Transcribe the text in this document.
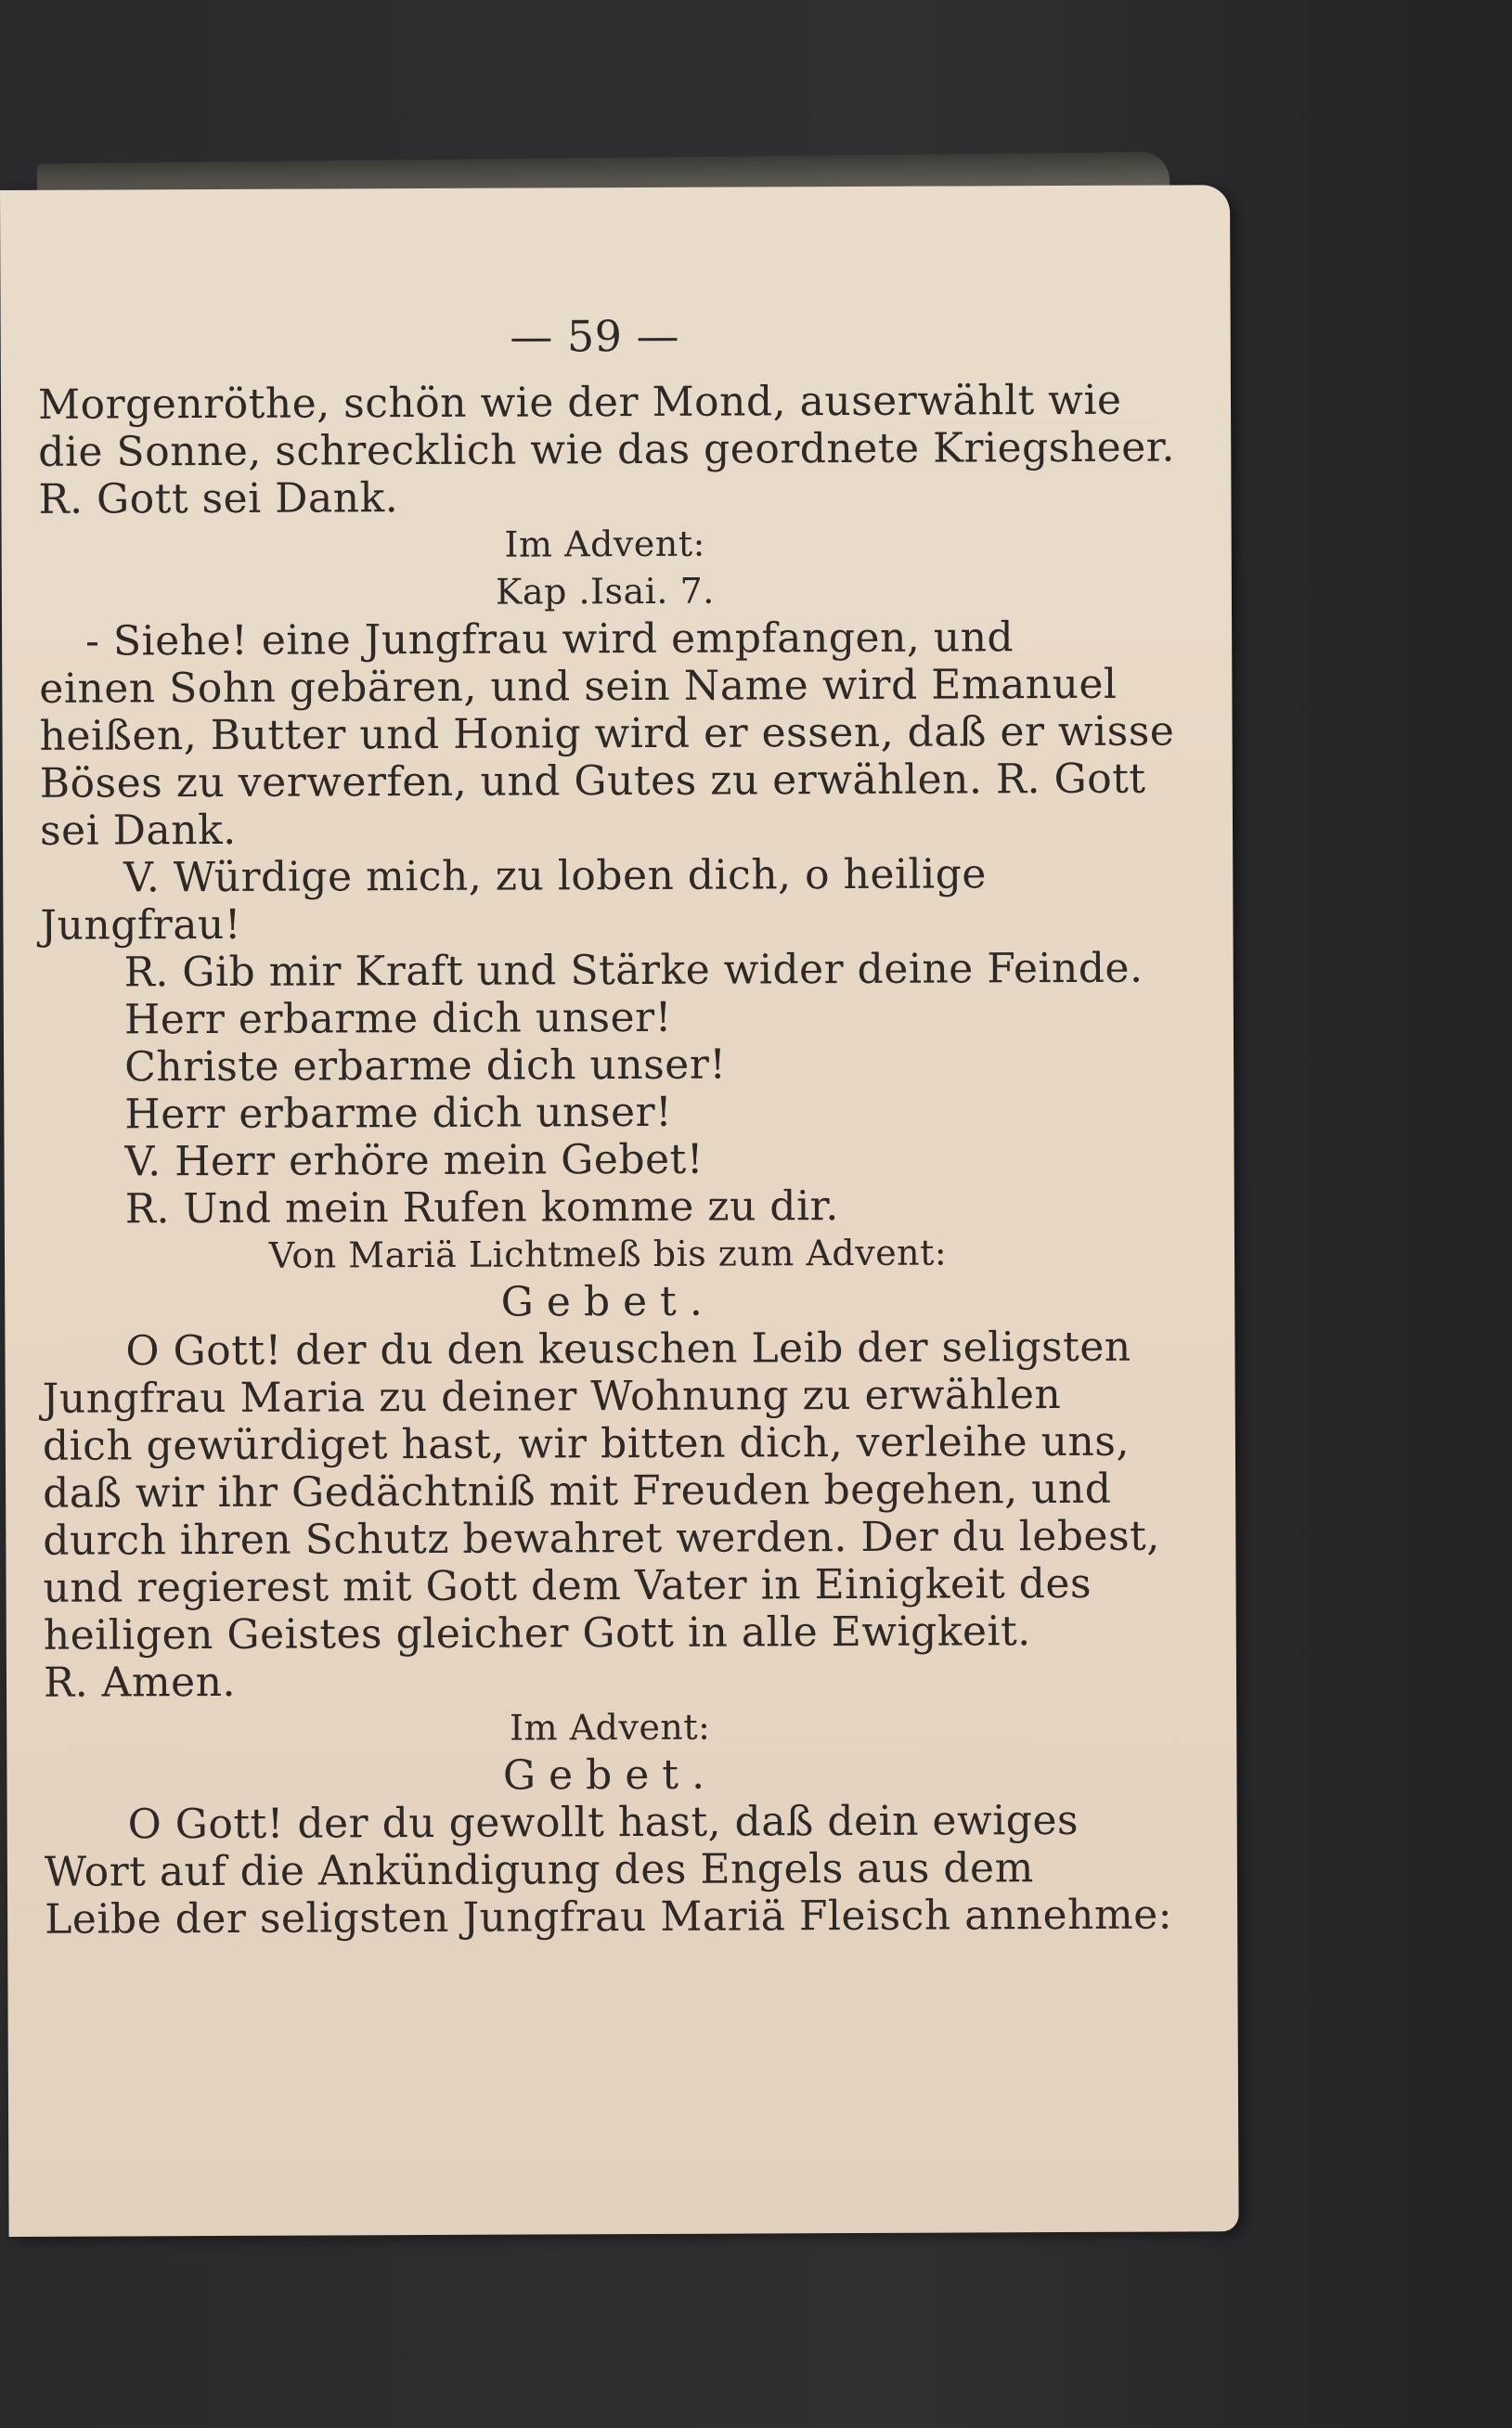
— 59 —
Morgenröthe, schön wie der Mond, auserwählt wie
die Sonne, schrecklich wie das geordnete Kriegsheer.
R. Gott sei Dank.
Im Advent:
Kap .Isai. 7.
- Siehe! eine Jungfrau wird empfangen, und
einen Sohn gebären, und sein Name wird Emanuel
heißen, Butter und Honig wird er essen, daß er wisse
Böses zu verwerfen, und Gutes zu erwählen. R. Gott
sei Dank.
V. Würdige mich, zu loben dich, o heilige
Jungfrau!
R. Gib mir Kraft und Stärke wider deine Feinde.
Herr erbarme dich unser!
Christe erbarme dich unser!
Herr erbarme dich unser!
V. Herr erhöre mein Gebet!
R. Und mein Rufen komme zu dir.
Von Mariä Lichtmeß bis zum Advent:
Gebet.
O Gott! der du den keuschen Leib der seligsten
Jungfrau Maria zu deiner Wohnung zu erwählen
dich gewürdiget hast, wir bitten dich, verleihe uns,
daß wir ihr Gedächtniß mit Freuden begehen, und
durch ihren Schutz bewahret werden. Der du lebest,
und regierest mit Gott dem Vater in Einigkeit des
heiligen Geistes gleicher Gott in alle Ewigkeit.
R. Amen.
Im Advent:
Gebet.
O Gott! der du gewollt hast, daß dein ewiges
Wort auf die Ankündigung des Engels aus dem
Leibe der seligsten Jungfrau Mariä Fleisch annehme:
